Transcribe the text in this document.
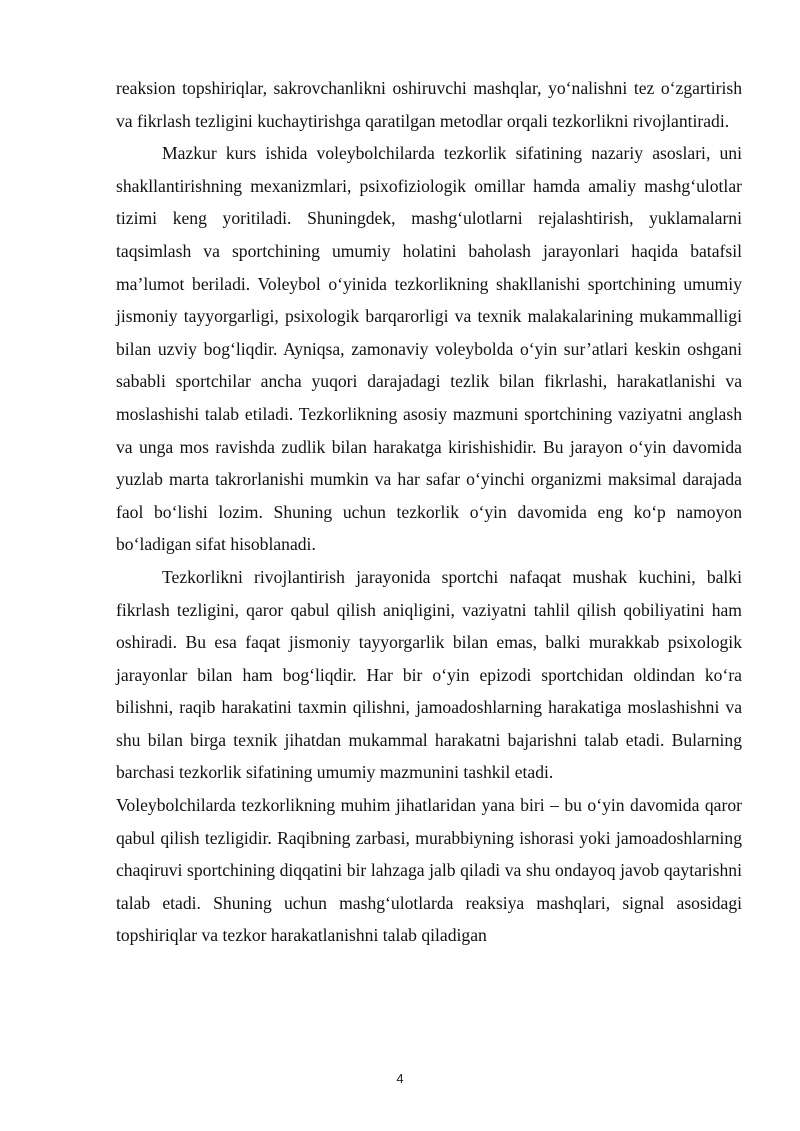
reaksion topshiriqlar, sakrovchanlikni oshiruvchi mashqlar, yo‘nalishni tez o‘zgartirish va fikrlash tezligini kuchaytirishga qaratilgan metodlar orqali tezkorlikni rivojlantiradi.

Mazkur kurs ishida voleybolchilarda tezkorlik sifatining nazariy asoslari, uni shakllantirishning mexanizmlari, psixofiziologik omillar hamda amaliy mashg‘ulotlar tizimi keng yoritiladi. Shuningdek, mashg‘ulotlarni rejalashtirish, yuklamalarni taqsimlash va sportchining umumiy holatini baholash jarayonlari haqida batafsil ma’lumot beriladi. Voleybol o‘yinida tezkorlikning shakllanishi sportchining umumiy jismoniy tayyorgarligi, psixologik barqarorligi va texnik malakalarining mukammalligi bilan uzviy bog‘liqdir. Ayniqsa, zamonaviy voleybolda o‘yin sur’atlari keskin oshgani sababli sportchilar ancha yuqori darajadagi tezlik bilan fikrlashi, harakatlanishi va moslashishi talab etiladi. Tezkorlikning asosiy mazmuni sportchining vaziyatni anglash va unga mos ravishda zudlik bilan harakatga kirishishidir. Bu jarayon o‘yin davomida yuzlab marta takrorlanishi mumkin va har safar o‘yinchi organizmi maksimal darajada faol bo‘lishi lozim. Shuning uchun tezkorlik o‘yin davomida eng ko‘p namoyon bo‘ladigan sifat hisoblanadi.

Tezkorlikni rivojlantirish jarayonida sportchi nafaqat mushak kuchini, balki fikrlash tezligini, qaror qabul qilish aniqligini, vaziyatni tahlil qilish qobiliyatini ham oshiradi. Bu esa faqat jismoniy tayyorgarlik bilan emas, balki murakkab psixologik jarayonlar bilan ham bog‘liqdir. Har bir o‘yin epizodi sportchidan oldindan ko‘ra bilishni, raqib harakatini taxmin qilishni, jamoadoshlarning harakatiga moslashishni va shu bilan birga texnik jihatdan mukammal harakatni bajarishni talab etadi. Bularning barchasi tezkorlik sifatining umumiy mazmunini tashkil etadi.

Voleybolchilarda tezkorlikning muhim jihatlaridan yana biri – bu o‘yin davomida qaror qabul qilish tezligidir. Raqibning zarbasi, murabbiyning ishorasi yoki jamoadoshlarning chaqiruvi sportchining diqqatini bir lahzaga jalb qiladi va shu ondayoq javob qaytarishni talab etadi. Shuning uchun mashg‘ulotlarda reaksiya mashqlari, signal asosidagi topshiriqlar va tezkor harakatlanishni talab qiladigan

4
